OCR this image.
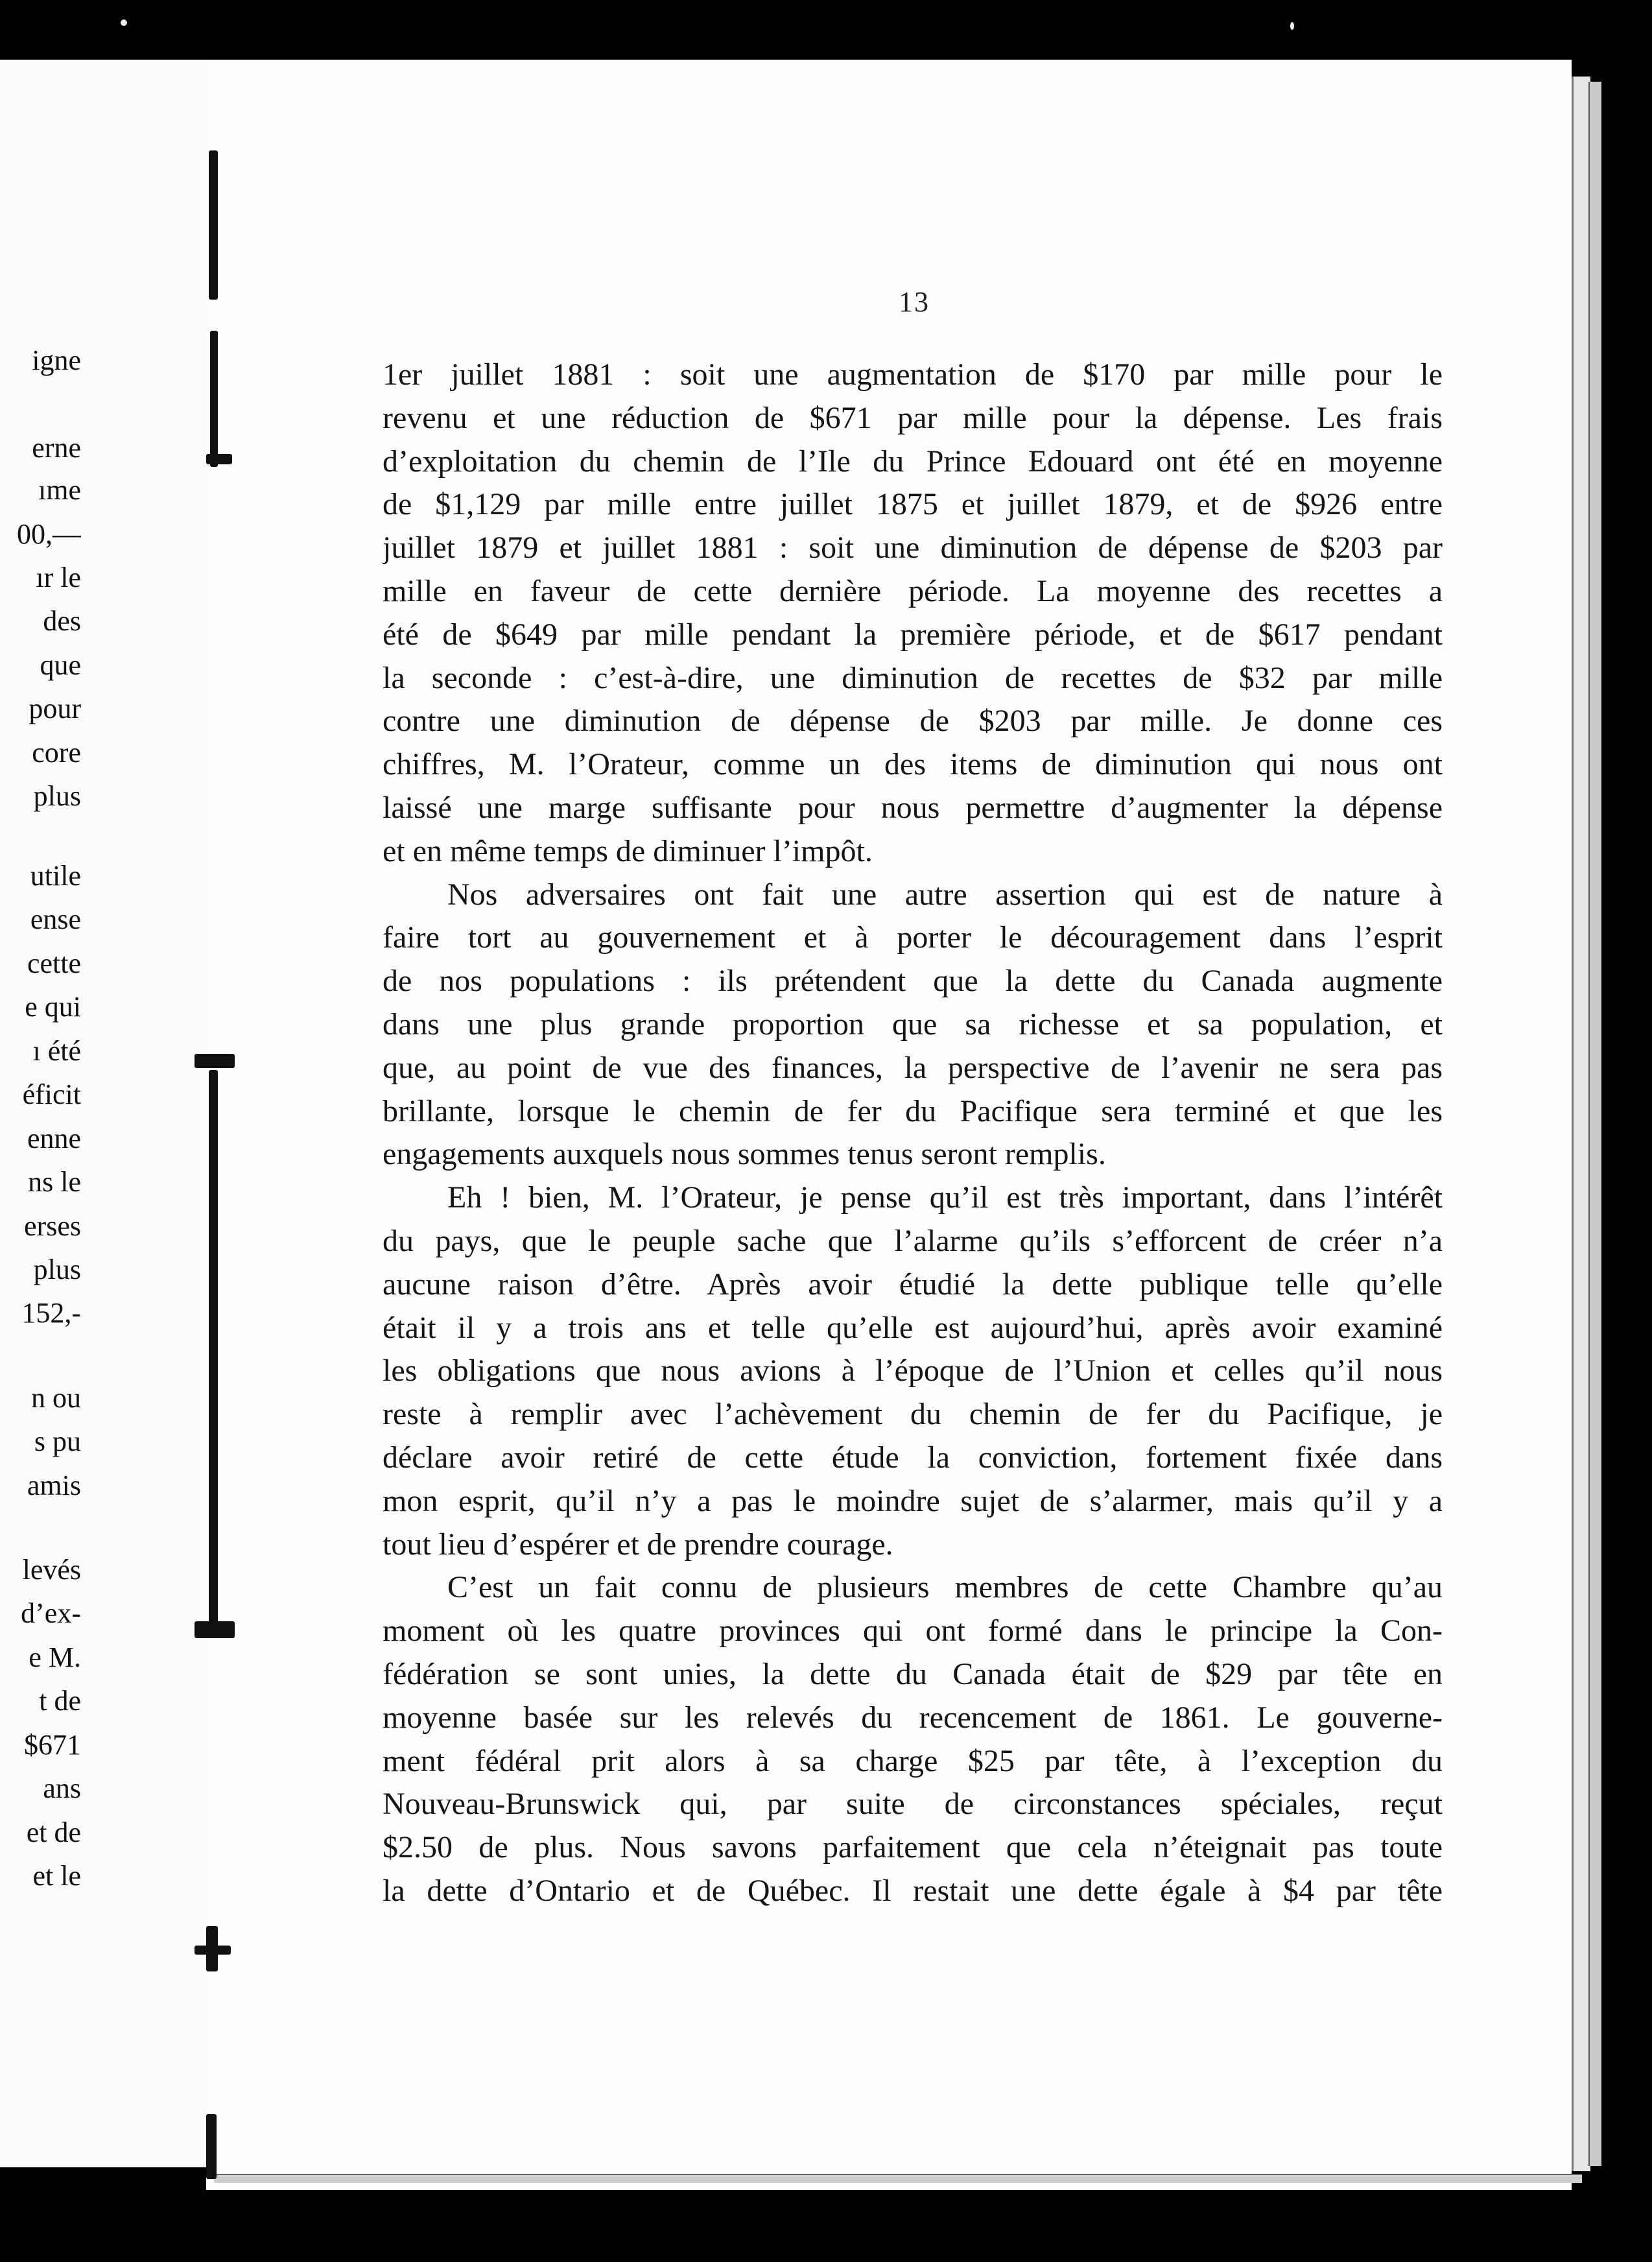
igne
erne
ıme
00,—
ır le
des
que
pour
core
plus
utile
ense
cette
e qui
ı été
éficit
enne
ns le
erses
plus
152,-
n ou
s pu
amis
levés
d’ex-
e M.
t de
$671
ans
et de
et le
13
1er juillet 1881 : soit une augmentation de $170 par mille pour le
revenu et une réduction de $671 par mille pour la dépense. Les frais
d’exploitation du chemin de l’Ile du Prince Edouard ont été en moyenne
de $1,129 par mille entre juillet 1875 et juillet 1879, et de $926 entre
juillet 1879 et juillet 1881 : soit une diminution de dépense de $203 par
mille en faveur de cette dernière période. La moyenne des recettes a
été de $649 par mille pendant la première période, et de $617 pendant
la seconde : c’est-à-dire, une diminution de recettes de $32 par mille
contre une diminution de dépense de $203 par mille. Je donne ces
chiffres, M. l’Orateur, comme un des items de diminution qui nous ont
laissé une marge suffisante pour nous permettre d’augmenter la dépense
et en même temps de diminuer l’impôt.
Nos adversaires ont fait une autre assertion qui est de nature à
faire tort au gouvernement et à porter le découragement dans l’esprit
de nos populations : ils prétendent que la dette du Canada augmente
dans une plus grande proportion que sa richesse et sa population, et
que, au point de vue des finances, la perspective de l’avenir ne sera pas
brillante, lorsque le chemin de fer du Pacifique sera terminé et que les
engagements auxquels nous sommes tenus seront remplis.
Eh ! bien, M. l’Orateur, je pense qu’il est très important, dans l’intérêt
du pays, que le peuple sache que l’alarme qu’ils s’efforcent de créer n’a
aucune raison d’être. Après avoir étudié la dette publique telle qu’elle
était il y a trois ans et telle qu’elle est aujourd’hui, après avoir examiné
les obligations que nous avions à l’époque de l’Union et celles qu’il nous
reste à remplir avec l’achèvement du chemin de fer du Pacifique, je
déclare avoir retiré de cette étude la conviction, fortement fixée dans
mon esprit, qu’il n’y a pas le moindre sujet de s’alarmer, mais qu’il y a
tout lieu d’espérer et de prendre courage.
C’est un fait connu de plusieurs membres de cette Chambre qu’au
moment où les quatre provinces qui ont formé dans le principe la Con-
fédération se sont unies, la dette du Canada était de $29 par tête en
moyenne basée sur les relevés du recencement de 1861. Le gouverne-
ment fédéral prit alors à sa charge $25 par tête, à l’exception du
Nouveau-Brunswick qui, par suite de circonstances spéciales, reçut
$2.50 de plus. Nous savons parfaitement que cela n’éteignait pas toute
la dette d’Ontario et de Québec. Il restait une dette égale à $4 par tête
